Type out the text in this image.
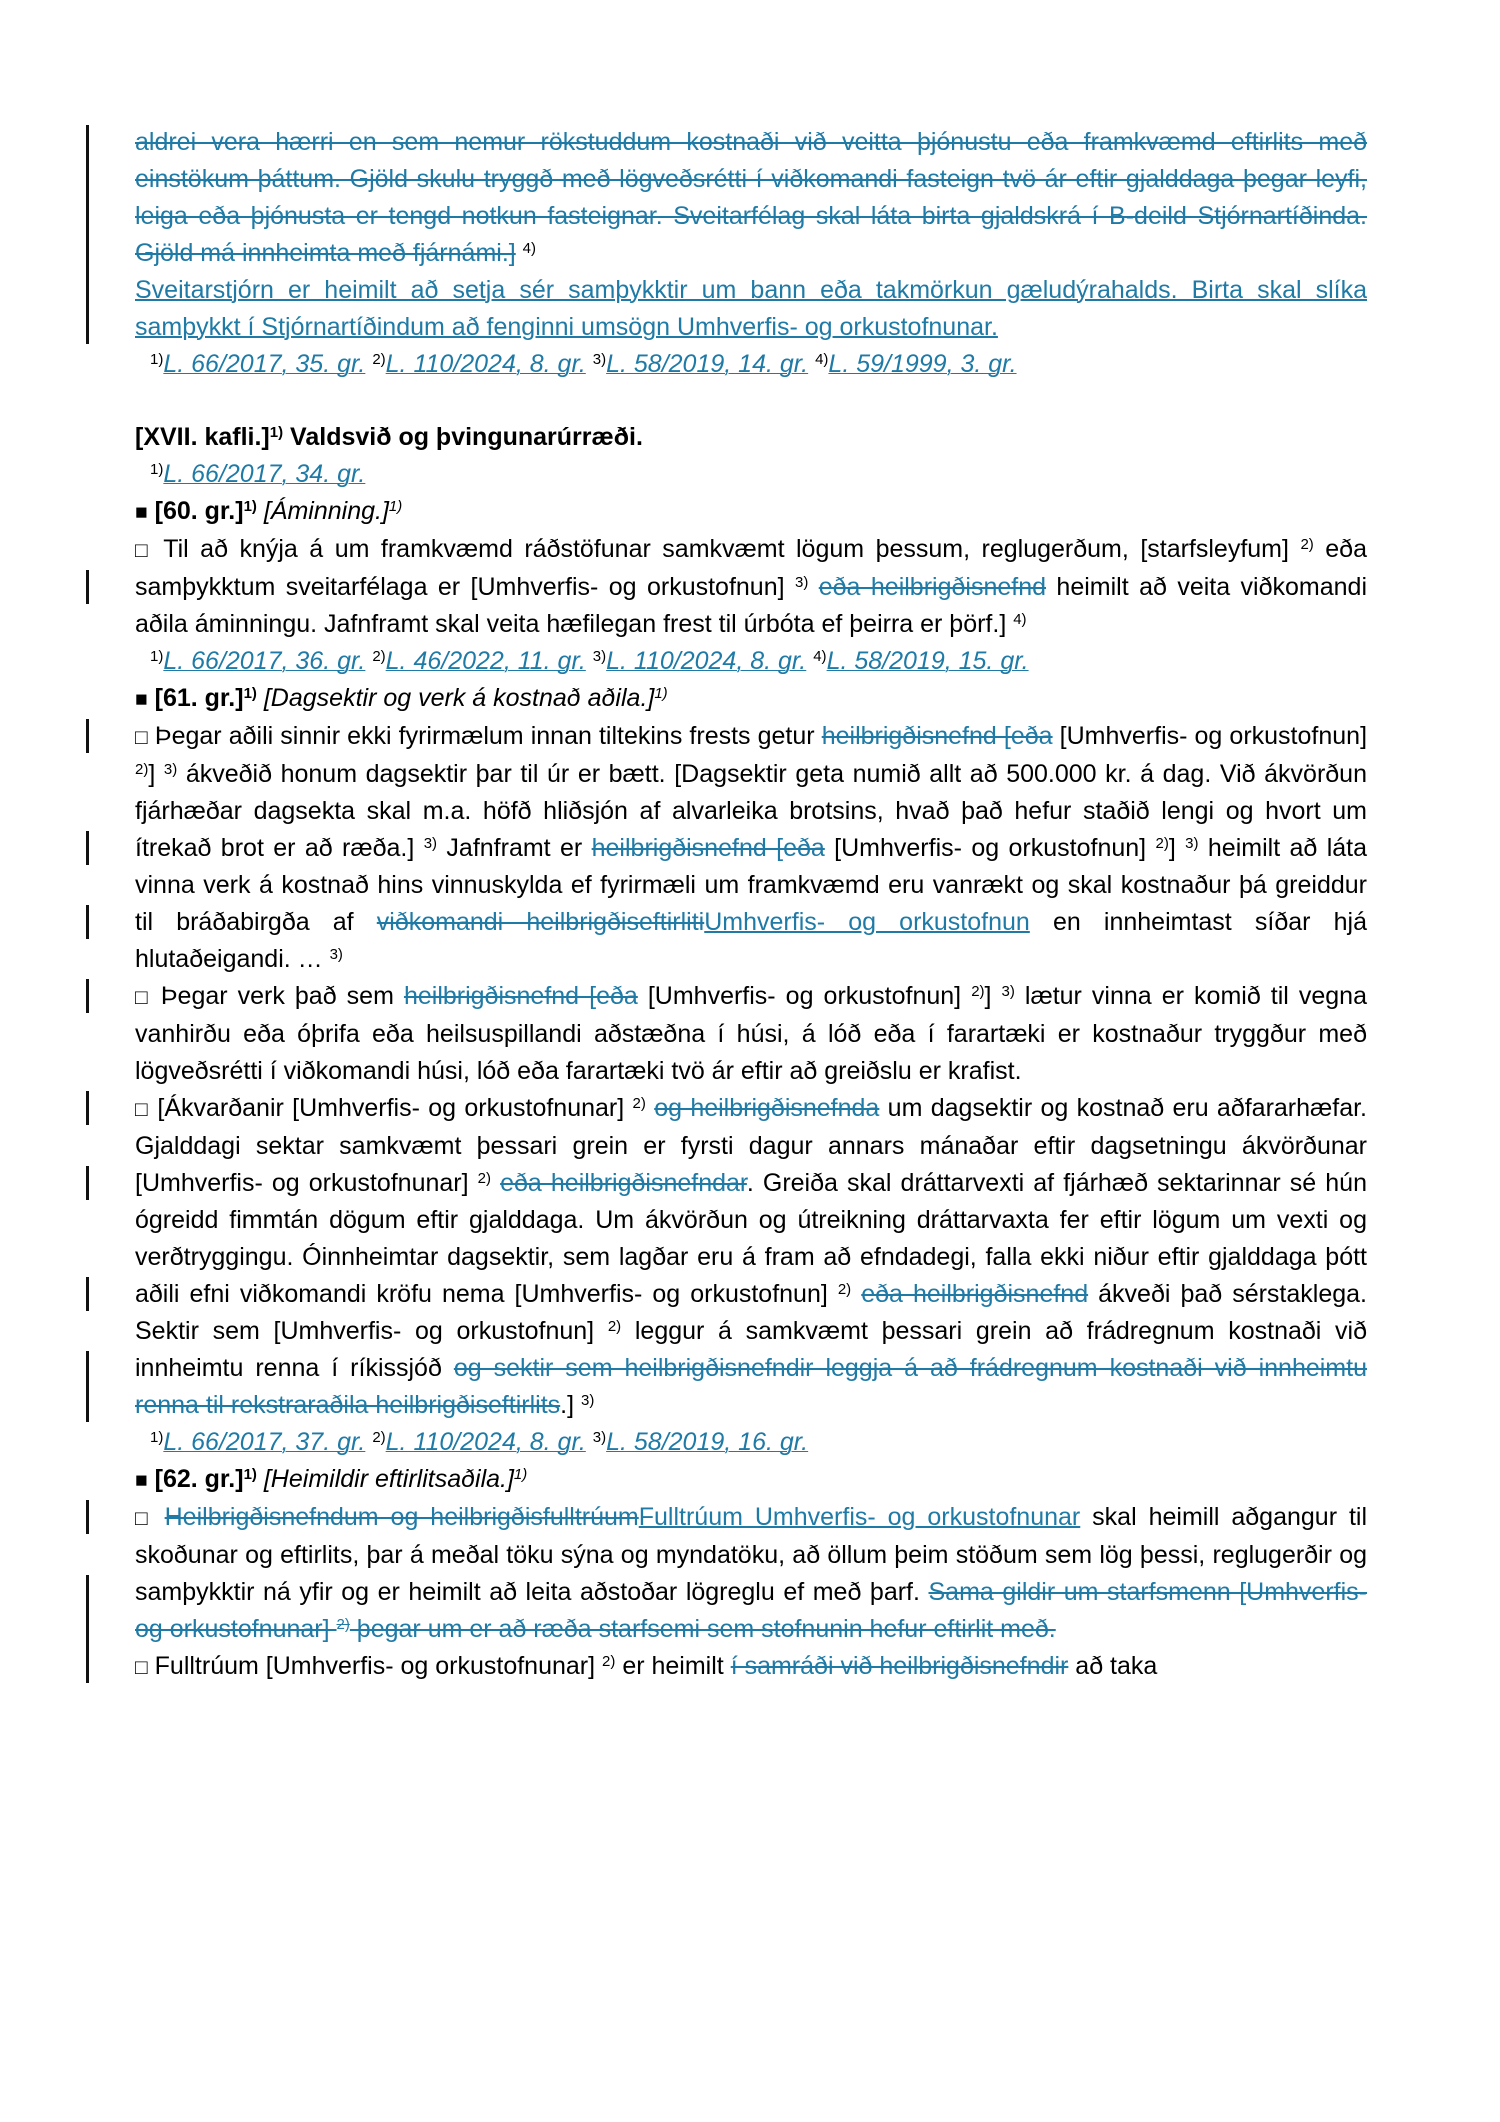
aldrei vera hærri en sem nemur rökstuddum kostnaði við veitta þjónustu eða framkvæmd eftirlits með einstökum þáttum. Gjöld skulu tryggð með lögveðsrétti í viðkomandi fasteign tvö ár eftir gjalddaga þegar leyfi, leiga eða þjónusta er tengd notkun fasteignar. Sveitarfélag skal láta birta gjaldskrá í B-deild Stjórnartíðinda. Gjöld má innheimta með fjárnámi.] $^{4)}$
Sveitarstjórn er heimilt að setja sér samþykktir um bann eða takmörkun gæludýrahalds. Birta skal slíka samþykkt í Stjórnartíðindum að fenginni umsögn Umhverfis- og orkustofnunar.
$^{1)}$L. 66/2017, 35. gr. $^{2)}$L. 110/2024, 8. gr. $^{3)}$L. 58/2019, 14. gr. $^{4)}$L. 59/1999, 3. gr.
[XVII. kafli.]$^{1)}$ Valdsvið og þvingunarúrræði.
$^{1)}$L. 66/2017, 34. gr.
■ [60. gr.]$^{1)}$ [Áminning.]$^{1)}$
□ Til að knýja á um framkvæmd ráðstöfunar samkvæmt lögum þessum, reglugerðum, [starfsleyfum] $^{2)}$ eða samþykktum sveitarfélaga er [Umhverfis- og orkustofnun] $^{3)}$ eða heilbrigðisnefnd heimilt að veita viðkomandi aðila áminningu. Jafnframt skal veita hæfilegan frest til úrbóta ef þeirra er þörf.] $^{4)}$
$^{1)}$L. 66/2017, 36. gr. $^{2)}$L. 46/2022, 11. gr. $^{3)}$L. 110/2024, 8. gr. $^{4)}$L. 58/2019, 15. gr.
■ [61. gr.]$^{1)}$ [Dagsektir og verk á kostnað aðila.]$^{1)}$
□ Þegar aðili sinnir ekki fyrirmælum innan tiltekins frests getur heilbrigðisnefnd [eða [Umhverfis- og orkustofnun] $^{2)}$] $^{3)}$ ákveðið honum dagsektir þar til úr er bætt. [Dagsektir geta numið allt að 500.000 kr. á dag. Við ákvörðun fjárhæðar dagsekta skal m.a. höfð hliðsjón af alvarleika brotsins, hvað það hefur staðið lengi og hvort um ítrekað brot er að ræða.] $^{3)}$ Jafnframt er heilbrigðisnefnd [eða [Umhverfis- og orkustofnun] $^{2)}$] $^{3)}$ heimilt að láta vinna verk á kostnað hins vinnuskylda ef fyrirmæli um framkvæmd eru vanrækt og skal kostnaður þá greiddur til bráðabirgða af viðkomandi heilbrigðiseftirlitiUmhverfis- og orkustofnun en innheimtast síðar hjá hlutaðeigandi. … $^{3)}$
□ Þegar verk það sem heilbrigðisnefnd [eða [Umhverfis- og orkustofnun] $^{2)}$] $^{3)}$ lætur vinna er komið til vegna vanhirðu eða óþrifa eða heilsuspillandi aðstæðna í húsi, á lóð eða í farartæki er kostnaður tryggður með lögveðsrétti í viðkomandi húsi, lóð eða farartæki tvö ár eftir að greiðslu er krafist.
□ [Ákvarðanir [Umhverfis- og orkustofnunar] $^{2)}$ og heilbrigðisnefnda um dagsektir og kostnað eru aðfararhæfar. Gjalddagi sektar samkvæmt þessari grein er fyrsti dagur annars mánaðar eftir dagsetningu ákvörðunar [Umhverfis- og orkustofnunar] $^{2)}$ eða heilbrigðisnefndar. Greiða skal dráttarvexti af fjárhæð sektarinnar sé hún ógreidd fimmtán dögum eftir gjalddaga. Um ákvörðun og útreikning dráttarvaxta fer eftir lögum um vexti og verðtryggingu. Óinnheimtar dagsektir, sem lagðar eru á fram að efndadegi, falla ekki niður eftir gjalddaga þótt aðili efni viðkomandi kröfu nema [Umhverfis- og orkustofnun] $^{2)}$ eða heilbrigðisnefnd ákveði það sérstaklega. Sektir sem [Umhverfis- og orkustofnun] $^{2)}$ leggur á samkvæmt þessari grein að frádregnum kostnaði við innheimtu renna í ríkissjóð og sektir sem heilbrigðisnefndir leggja á að frádregnum kostnaði við innheimtu renna til rekstraraðila heilbrigðiseftirlits.] $^{3)}$
$^{1)}$L. 66/2017, 37. gr. $^{2)}$L. 110/2024, 8. gr. $^{3)}$L. 58/2019, 16. gr.
■ [62. gr.]$^{1)}$ [Heimildir eftirlitsaðila.]$^{1)}$
□ Heilbrigðisnefndum og heilbrigðisfulltrúumFulltrúum Umhverfis- og orkustofnunar skal heimill aðgangur til skoðunar og eftirlits, þar á meðal töku sýna og myndatöku, að öllum þeim stöðum sem lög þessi, reglugerðir og samþykktir ná yfir og er heimilt að leita aðstoðar lögreglu ef með þarf. Sama gildir um starfsmenn [Umhverfis- og orkustofnunar] $^{2)}$ þegar um er að ræða starfsemi sem stofnunin hefur eftirlit með.
□ Fulltrúum [Umhverfis- og orkustofnunar] $^{2)}$ er heimilt í samráði við heilbrigðisnefndir að taka
